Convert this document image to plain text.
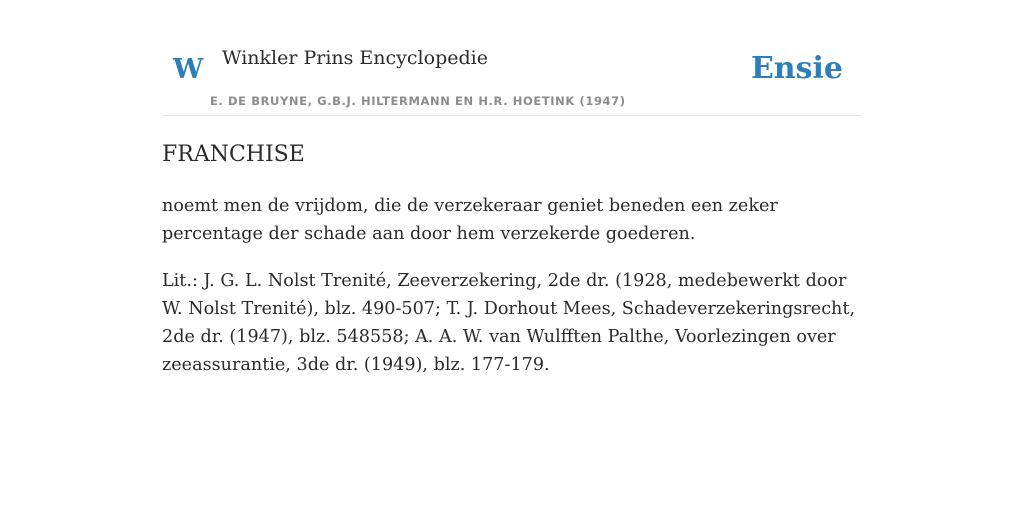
W Winkler Prins Encyclopedie
E. DE BRUYNE, G.B.J. HILTERMANN EN H.R. HOETINK (1947)
Ensie
FRANCHISE

noemt men de vrijdom, die de verzekeraar geniet beneden een zeker percentage der schade aan door hem verzekerde goederen.

Lit.: J. G. L. Nolst Trenité, Zeeverzekering, 2de dr. (1928, medebewerkt door W. Nolst Trenité), blz. 490-507; T. J. Dorhout Mees, Schadeverzekeringsrecht, 2de dr. (1947), blz. 548558; A. A. W. van Wulfften Palthe, Voorlezingen over zeeassurantie, 3de dr. (1949), blz. 177-179.
